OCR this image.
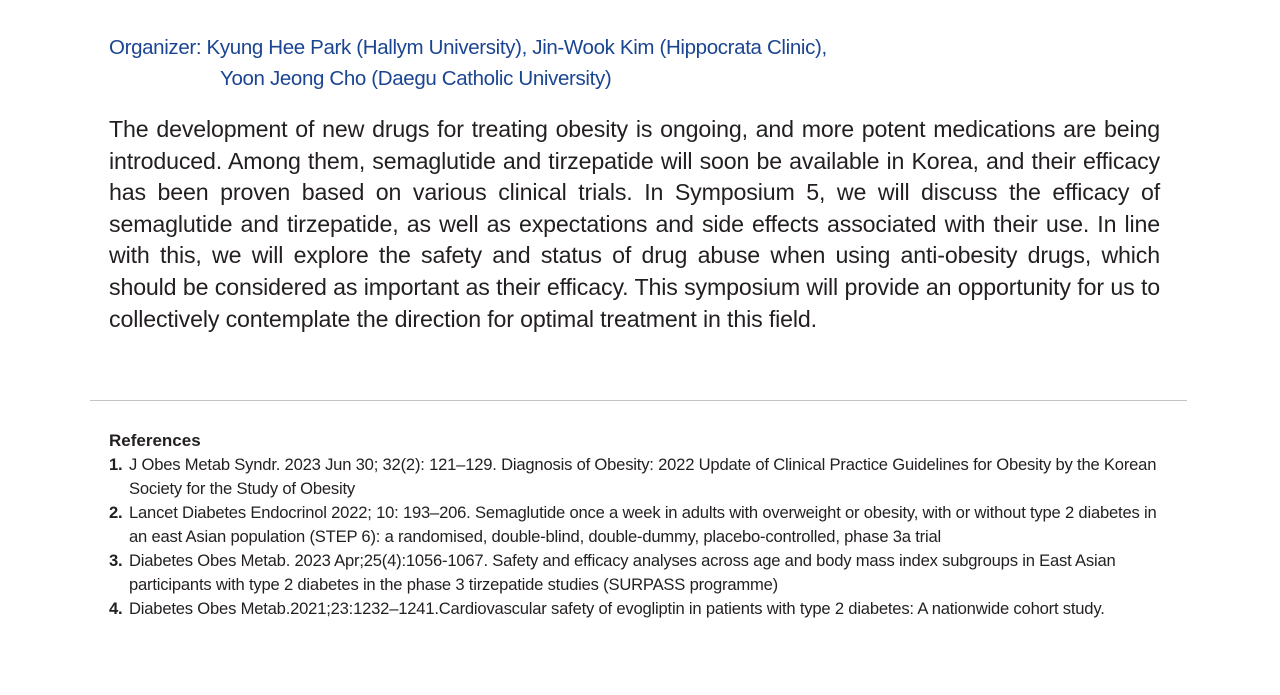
Organizer: Kyung Hee Park (Hallym University), Jin-Wook Kim (Hippocrata Clinic),
Yoon Jeong Cho (Daegu Catholic University)

The development of new drugs for treating obesity is ongoing, and more potent medications are being introduced. Among them, semaglutide and tirzepatide will soon be available in Korea, and their efficacy has been proven based on various clinical trials. In Symposium 5, we will discuss the efficacy of semaglutide and tirzepatide, as well as expectations and side effects associated with their use. In line with this, we will explore the safety and status of drug abuse when using anti-obesity drugs, which should be considered as important as their efficacy. This symposium will provide an opportunity for us to collectively contemplate the direction for optimal treatment in this field.

References
1. J Obes Metab Syndr. 2023 Jun 30; 32(2): 121–129. Diagnosis of Obesity: 2022 Update of Clinical Practice Guidelines for Obesity by the Korean Society for the Study of Obesity
2. Lancet Diabetes Endocrinol 2022; 10: 193–206. Semaglutide once a week in adults with overweight or obesity, with or without type 2 diabetes in an east Asian population (STEP 6): a randomised, double-blind, double-dummy, placebo-controlled, phase 3a trial
3. Diabetes Obes Metab. 2023 Apr;25(4):1056-1067. Safety and efficacy analyses across age and body mass index subgroups in East Asian participants with type 2 diabetes in the phase 3 tirzepatide studies (SURPASS programme)
4. Diabetes Obes Metab.2021;23:1232–1241.Cardiovascular safety of evogliptin in patients with type 2 diabetes: A nationwide cohort study.
